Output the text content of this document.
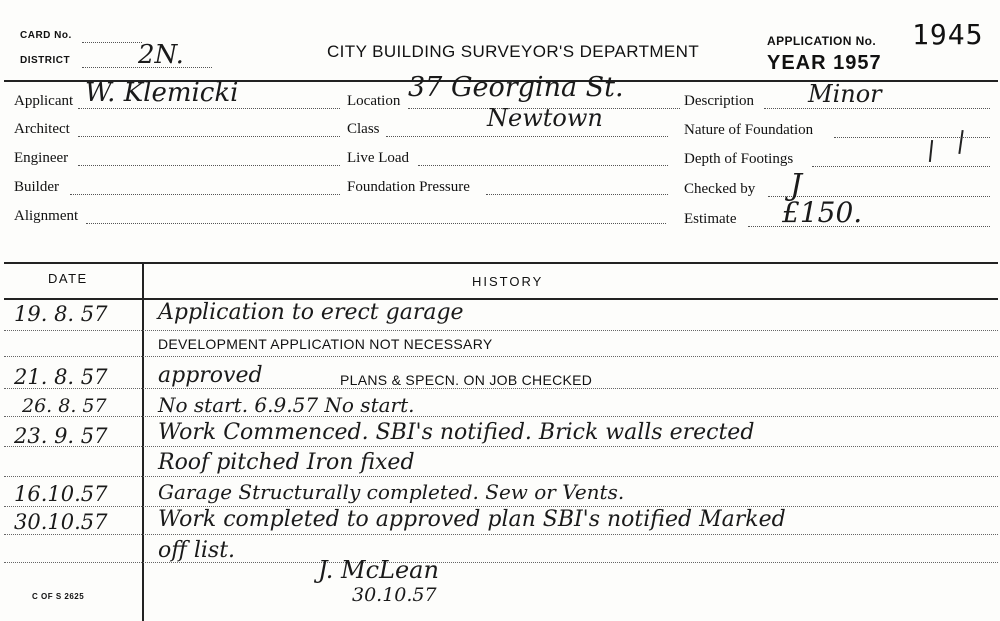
CARD No.
DISTRICT	2N.	CITY BUILDING SURVEYOR'S DEPARTMENT
APPLICATION No. 1945
YEAR 1957
Applicant W. Klemicki
Architect
Engineer
Builder
Alignment
Location 37 Georgina St.
Class	Newtown
Live Load
Foundation Pressure
Description Minor
Nature of Foundation
Depth of Footings
Checked by J
Estimate £150.
DATE	HISTORY
19. 8. 57 Application to erect garage
DEVELOPMENT APPLICATION NOT NECESSARY
21. 8. 57 approved	PLANS & SPECN. ON JOB CHECKED
26. 8. 57	No start. 6.9.57 No start.
23. 9. 57 Work Commenced. SBI's notified. Brick walls erected
Roof pitched Iron fixed
16.10.57	Garage Structurally completed. Sew or Vents.
30.10.57 Work completed to approved plan SBI's notified Marked
off list.
J. McLean
30.10.57
C OF S 2625
